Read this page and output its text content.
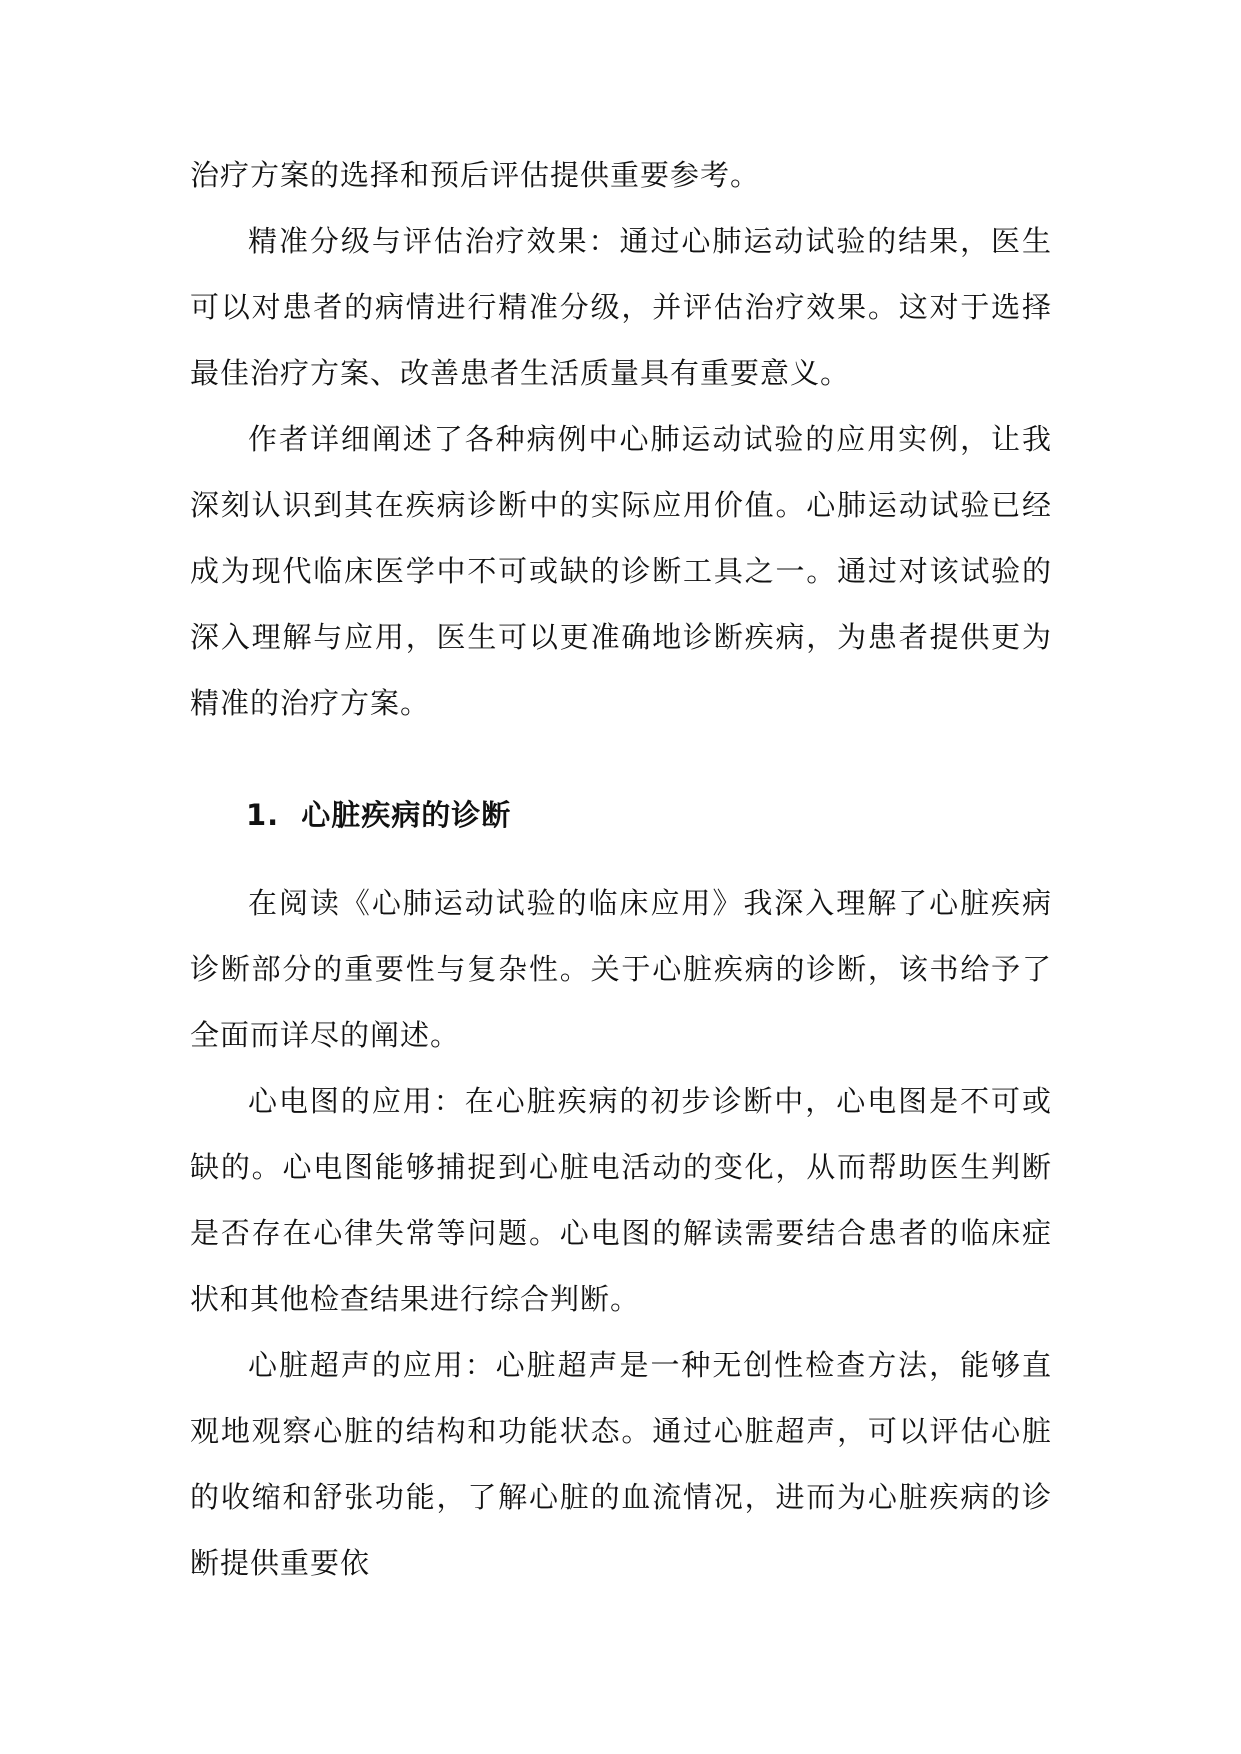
治疗方案的选择和预后评估提供重要参考。

精准分级与评估治疗效果：通过心肺运动试验的结果，医生可以对患者的病情进行精准分级，并评估治疗效果。这对于选择最佳治疗方案、改善患者生活质量具有重要意义。

作者详细阐述了各种病例中心肺运动试验的应用实例，让我深刻认识到其在疾病诊断中的实际应用价值。心肺运动试验已经成为现代临床医学中不可或缺的诊断工具之一。通过对该试验的深入理解与应用，医生可以更准确地诊断疾病，为患者提供更为精准的治疗方案。

1. 心脏疾病的诊断

在阅读《心肺运动试验的临床应用》我深入理解了心脏疾病诊断部分的重要性与复杂性。关于心脏疾病的诊断，该书给予了全面而详尽的阐述。

心电图的应用：在心脏疾病的初步诊断中，心电图是不可或缺的。心电图能够捕捉到心脏电活动的变化，从而帮助医生判断是否存在心律失常等问题。心电图的解读需要结合患者的临床症状和其他检查结果进行综合判断。

心脏超声的应用：心脏超声是一种无创性检查方法，能够直观地观察心脏的结构和功能状态。通过心脏超声，可以评估心脏的收缩和舒张功能，了解心脏的血流情况，进而为心脏疾病的诊断提供重要依
